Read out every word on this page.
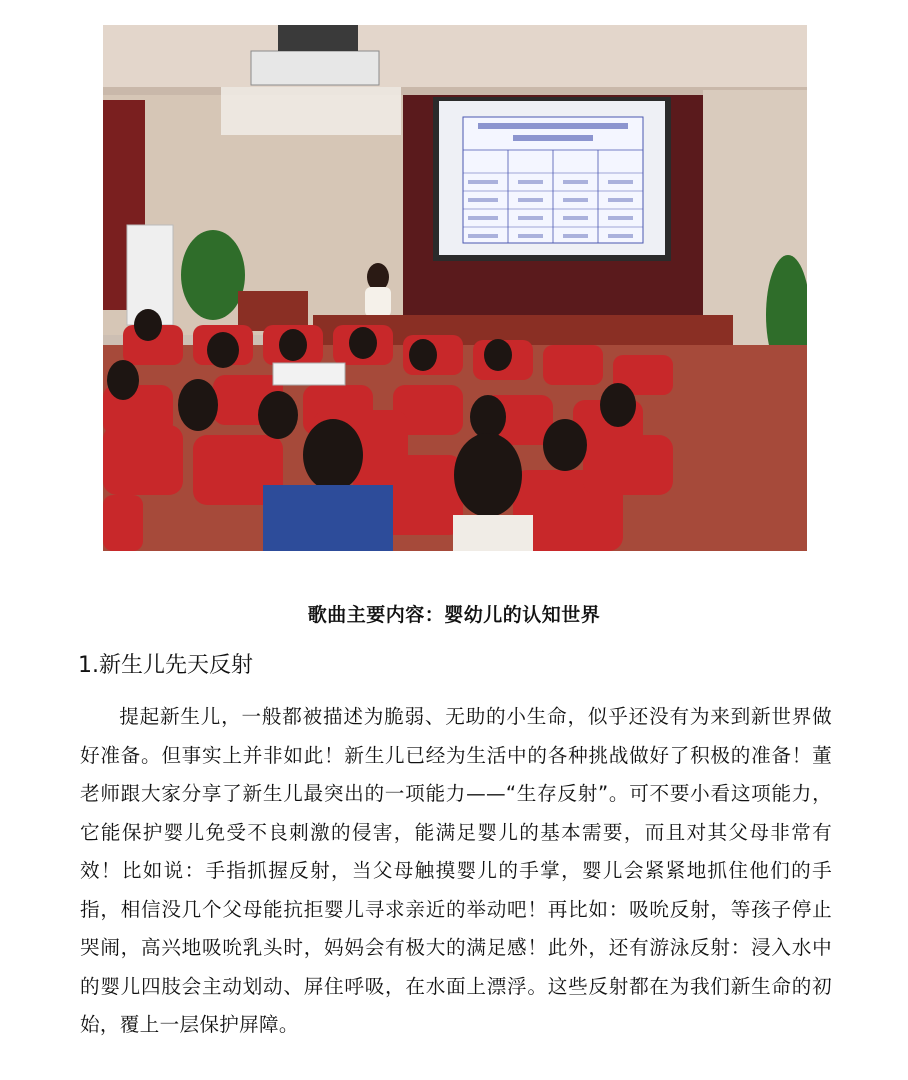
歌曲主要内容：婴幼儿的认知世界
1.新生儿先天反射

提起新生儿，一般都被描述为脆弱、无助的小生命，似乎还没有为来到新世界做好准备。但事实上并非如此！新生儿已经为生活中的各种挑战做好了积极的准备！董老师跟大家分享了新生儿最突出的一项能力——“生存反射”。可不要小看这项能力，它能保护婴儿免受不良刺激的侵害，能满足婴儿的基本需要，而且对其父母非常有效！比如说：手指抓握反射，当父母触摸婴儿的手掌，婴儿会紧紧地抓住他们的手指，相信没几个父母能抗拒婴儿寻求亲近的举动吧！再比如：吸吮反射，等孩子停止哭闹，高兴地吸吮乳头时，妈妈会有极大的满足感！此外，还有游泳反射：浸入水中的婴儿四肢会主动划动、屏住呼吸，在水面上漂浮。这些反射都在为我们新生命的初始，覆上一层保护屏障。
